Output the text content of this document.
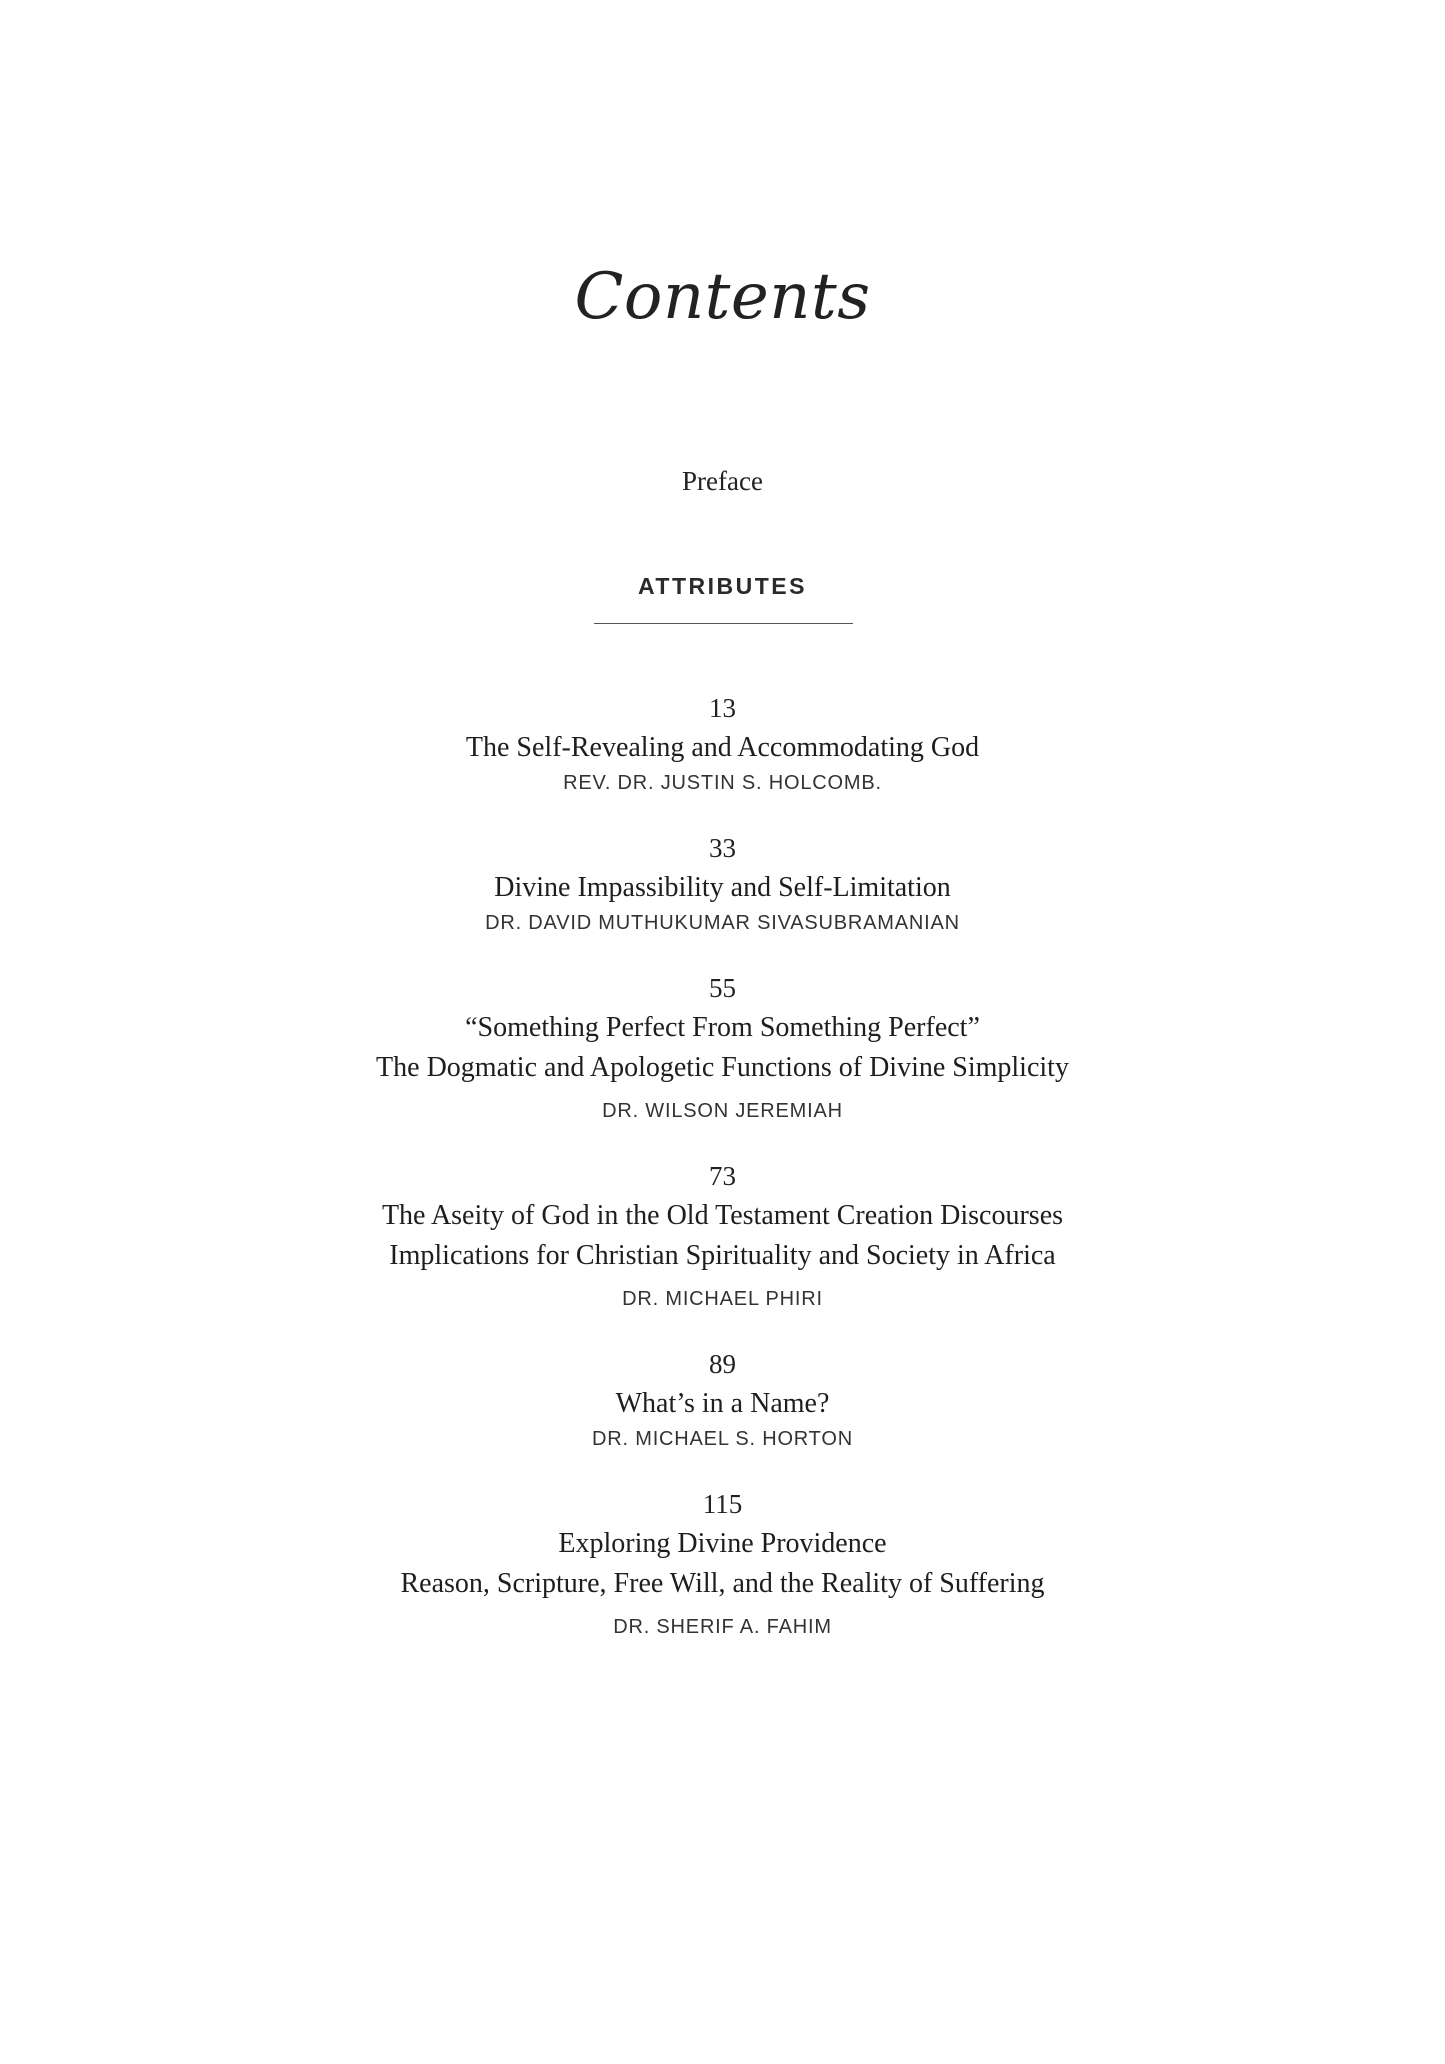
Contents
Preface
ATTRIBUTES
13
The Self-Revealing and Accommodating God
REV. DR. JUSTIN S. HOLCOMB.
33
Divine Impassibility and Self-Limitation
DR. DAVID MUTHUKUMAR SIVASUBRAMANIAN
55
“Something Perfect From Something Perfect”
The Dogmatic and Apologetic Functions of Divine Simplicity
DR. WILSON JEREMIAH
73
The Aseity of God in the Old Testament Creation Discourses
Implications for Christian Spirituality and Society in Africa
DR. MICHAEL PHIRI
89
What’s in a Name?
DR. MICHAEL S. HORTON
115
Exploring Divine Providence
Reason, Scripture, Free Will, and the Reality of Suffering
DR. SHERIF A. FAHIM
